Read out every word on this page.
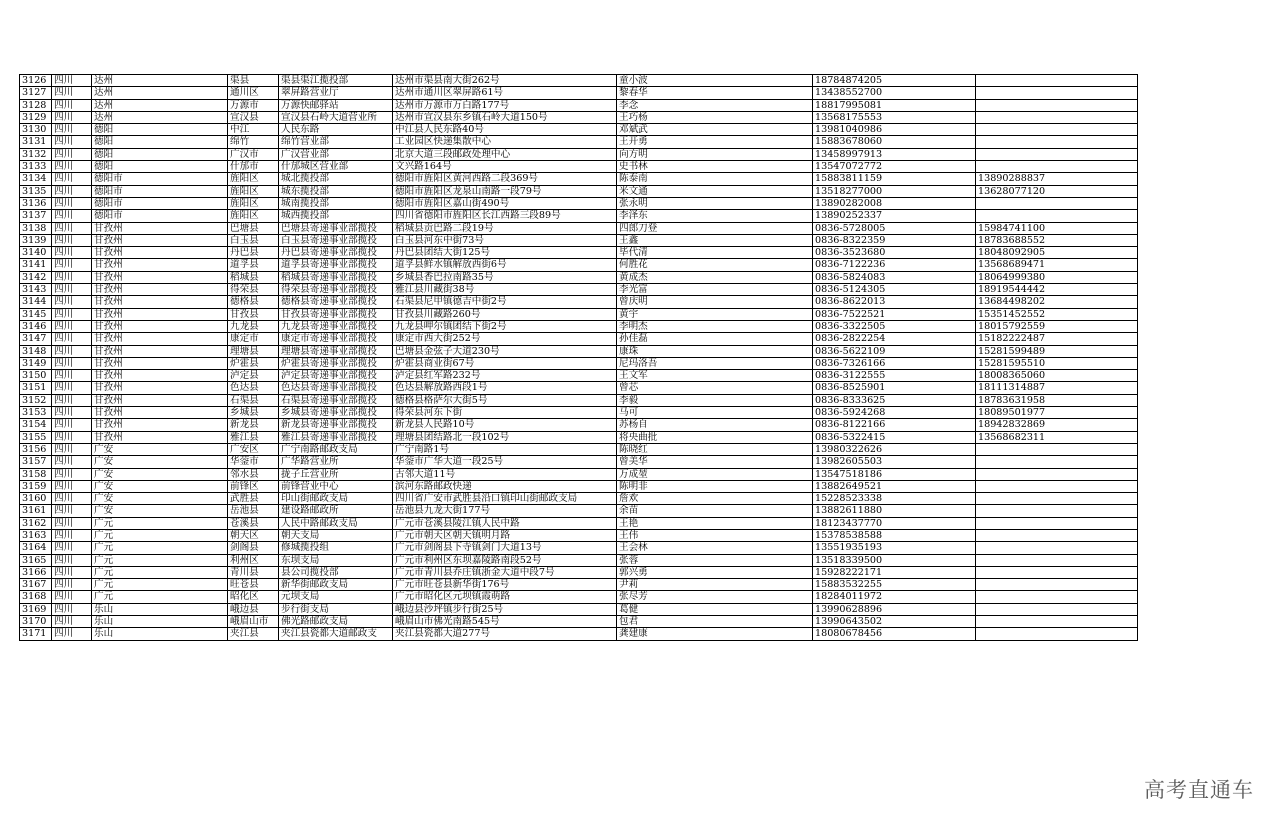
3126	四川	达州	渠县	渠县渠江揽投部	达州市渠县南大街262号	童小波	18784874205	
3127	四川	达州	通川区	翠屏路营业厅	达州市通川区翠屏路61号	黎春华	13438552700	
3128	四川	达州	万源市	万源快邮驿站	达州市万源市万白路177号	李念	18817995081	
3129	四川	达州	宣汉县	宣汉县石岭大道营业所	达州市宣汉县东乡镇石岭大道150号	王巧杨	13568175553	
3130	四川	德阳	中江	人民东路	中江县人民东路40号	邓斌武	13981040986	
3131	四川	德阳	绵竹	绵竹营业部	工业园区快递集散中心	王开勇	15883678060	
3132	四川	德阳	广汉市	广汉营业部	北京大道三段邮政处理中心	向方明	13458997913	
3133	四川	德阳	什邡市	什邡城区营业部	文兴路164号	史书林	13547072772	
3134	四川	德阳市	旌阳区	城北揽投部	德阳市旌阳区黄河西路二段369号	陈泰南	15883811159	13890288837
3135	四川	德阳市	旌阳区	城东揽投部	德阳市旌阳区龙泉山南路一段79号	米文通	13518277000	13628077120
3136	四川	德阳市	旌阳区	城南揽投部	德阳市旌阳区嘉山街490号	张永明	13890282008	
3137	四川	德阳市	旌阳区	城西揽投部	四川省德阳市旌阳区长江西路三段89号	李泽东	13890252337	
3138	四川	甘孜州	巴塘县	巴塘县寄递事业部揽投	稻城县贡巴路二段19号	四郎刀登	0836-5728005	15984741100
3139	四川	甘孜州	白玉县	白玉县寄递事业部揽投	白玉县河东中街73号	王鑫	0836-8322359	18783688552
3140	四川	甘孜州	丹巴县	丹巴县寄递事业部揽投	丹巴县团结大街125号	毕代清	0836-3523680	18048092905
3141	四川	甘孜州	道孚县	道孚县寄递事业部揽投	道孚县鲜水镇解放西街6号	何胜花	0836-7122236	13568689471
3142	四川	甘孜州	稻城县	稻城县寄递事业部揽投	乡城县香巴拉南路35号	黄成杰	0836-5824083	18064999380
3143	四川	甘孜州	得荣县	得荣县寄递事业部揽投	雅江县川藏街38号	李光富	0836-5124305	18919544442
3144	四川	甘孜州	德格县	德格县寄递事业部揽投	石渠县尼甲镇德吉中街2号	曾庆明	0836-8622013	13684498202
3145	四川	甘孜州	甘孜县	甘孜县寄递事业部揽投	甘孜县川藏路260号	黄宇	0836-7522521	15351452552
3146	四川	甘孜州	九龙县	九龙县寄递事业部揽投	九龙县呷尔镇团结下街2号	李明杰	0836-3322505	18015792559
3147	四川	甘孜州	康定市	康定市寄递事业部揽投	康定市西大街252号	孙佳磊	0836-2822254	15182222487
3148	四川	甘孜州	理塘县	理塘县寄递事业部揽投	巴塘县金弦子大道230号	康珠	0836-5622109	15281599489
3149	四川	甘孜州	炉霍县	炉霍县寄递事业部揽投	炉霍县商业街67号	尼玛洛吾	0836-7326166	15281595510
3150	四川	甘孜州	泸定县	泸定县寄递事业部揽投	泸定县红军路232号	王文军	0836-3122555	18008365060
3151	四川	甘孜州	色达县	色达县寄递事业部揽投	色达县解放路西段1号	曾芯	0836-8525901	18111314887
3152	四川	甘孜州	石渠县	石渠县寄递事业部揽投	德格县格萨尔大街5号	李毅	0836-8333625	18783631958
3153	四川	甘孜州	乡城县	乡城县寄递事业部揽投	得荣县河东下街	马可	0836-5924268	18089501977
3154	四川	甘孜州	新龙县	新龙县寄递事业部揽投	新龙县人民路10号	苏杨自	0836-8122166	18942832869
3155	四川	甘孜州	雅江县	雅江县寄递事业部揽投	理塘县团结路北一段102号	将央曲批	0836-5322415	13568682311
3156	四川	广安	广安区	广宁南路邮政支局	广宁南路1号	陈晓红	13980322626	
3157	四川	广安	华蓥市	广华路营业所	华蓥市广华大道一段25号	曾美华	13982605503	
3158	四川	广安	邻水县	拢子丘营业所	古邻大道11号	万成堃	13547518186	
3159	四川	广安	前锋区	前锋营业中心	滨河东路邮政快递	陈明非	13882649521	
3160	四川	广安	武胜县	印山街邮政支局	四川省广安市武胜县沿口镇印山街邮政支局	詹欢	15228523338	
3161	四川	广安	岳池县	建设路邮政所	岳池县九龙大街177号	余苗	13882611880	
3162	四川	广元	苍溪县	人民中路邮政支局	广元市苍溪县陵江镇人民中路	王艳	18123437770	
3163	四川	广元	朝天区	朝天支局	广元市朝天区朝天镇明月路	王伟	15378538588	
3164	四川	广元	剑阁县	修城揽投组	广元市剑阁县下寺镇剑门大道13号	王会林	13551935193	
3165	四川	广元	利州区	东坝支局	广元市利州区东坝嘉陵路南段52号	张蓉	13518339500	
3166	四川	广元	青川县	县公司揽投部	广元市青川县乔庄镇浙金大道中段7号	郭兴勇	15928222171	
3167	四川	广元	旺苍县	新华街邮政支局	广元市旺苍县新华街176号	尹莉	15883532255	
3168	四川	广元	昭化区	元坝支局	广元市昭化区元坝镇霞萌路	张尽芳	18284011972	
3169	四川	乐山	峨边县	步行街支局	峨边县沙坪镇步行街25号	葛健	13990628896	
3170	四川	乐山	峨眉山市	佛光路邮政支局	峨眉山市佛光南路545号	包君	13990643502	
3171	四川	乐山	夹江县	夹江县瓷都大道邮政支	夹江县瓷都大道277号	龚建康	18080678456	
高考直通车
